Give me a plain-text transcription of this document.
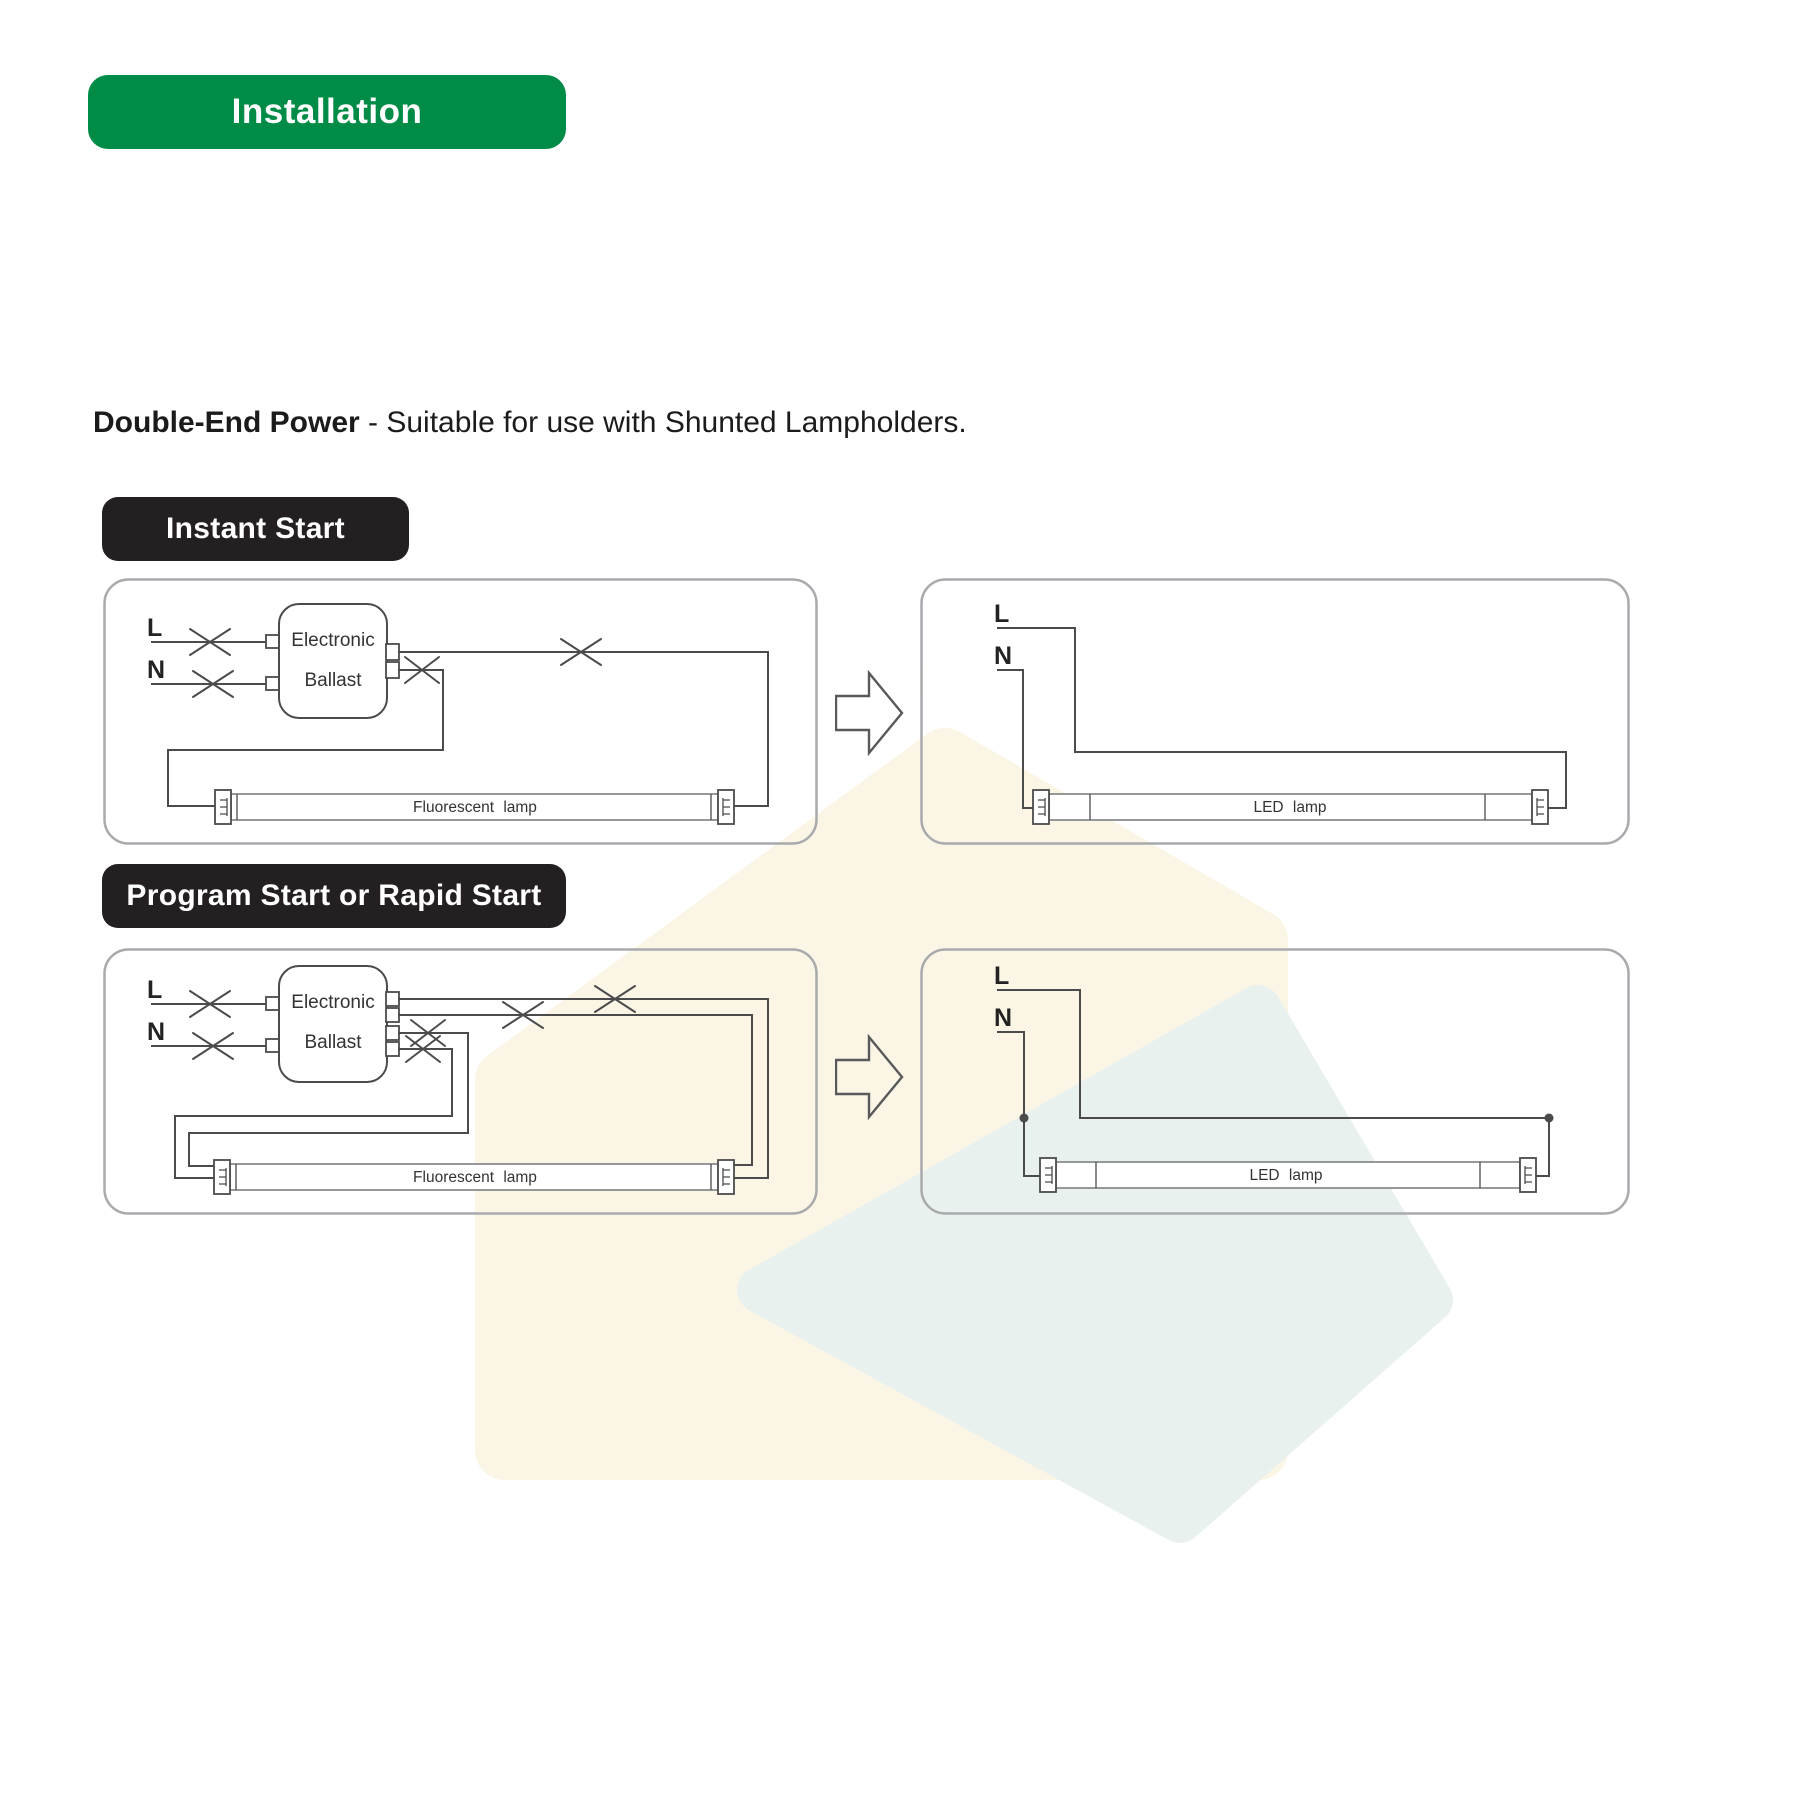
Installation
Double-End Power - Suitable for use with Shunted Lampholders.
Instant Start
Program Start or Rapid Start
L
N
Electronic
Ballast
Fluorescent lamp
L
N
LED lamp
L
N
Electronic
Ballast
Fluorescent lamp
L
N
LED lamp
